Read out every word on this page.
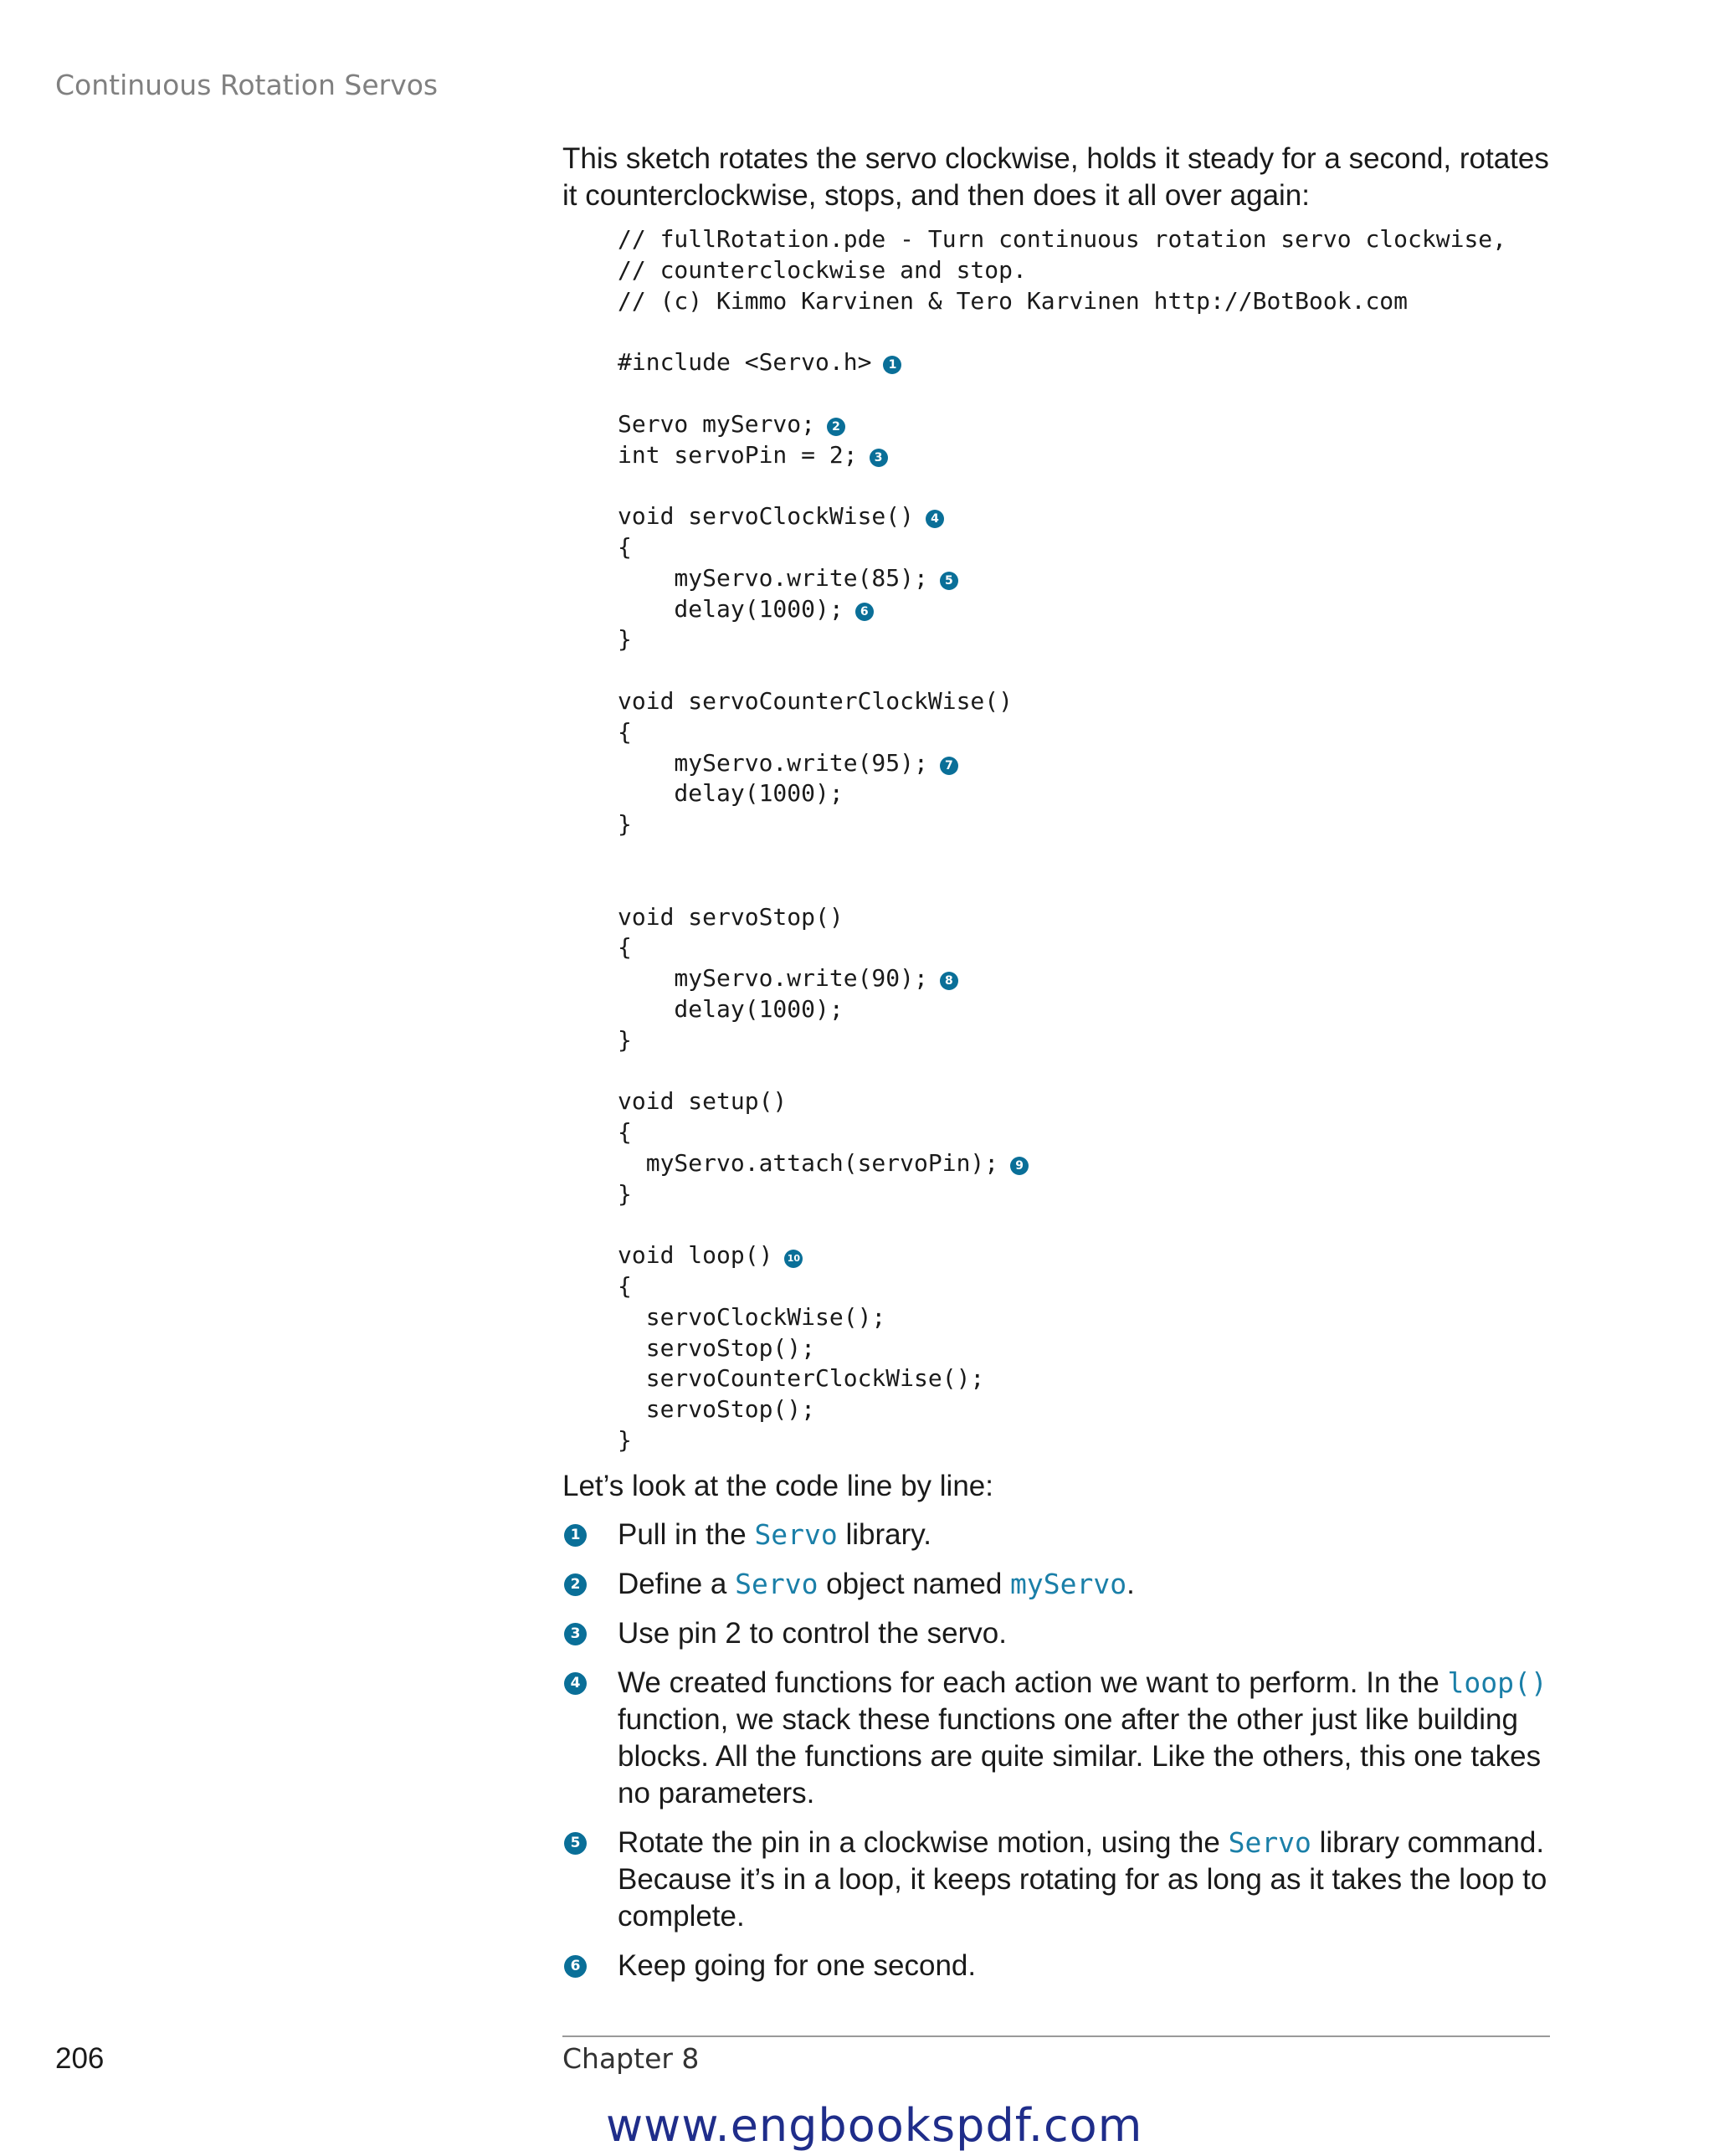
Continuous Rotation Servos

This sketch rotates the servo clockwise, holds it steady for a second, rotates it counterclockwise, stops, and then does it all over again:

// fullRotation.pde - Turn continuous rotation servo clockwise,
// counterclockwise and stop.
// (c) Kimmo Karvinen & Tero Karvinen http://BotBook.com
#include <Servo.h> 1
Servo myServo; 2
int servoPin = 2; 3
void servoClockWise() 4
{
myServo.write(85); 5
delay(1000); 6
}
void servoCounterClockWise()
{
myServo.write(95); 7
delay(1000);
}
void servoStop()
{
myServo.write(90); 8
delay(1000);
}
void setup()
{
myServo.attach(servoPin); 9
}
void loop() 10
{
servoClockWise();
servoStop();
servoCounterClockWise();
servoStop();
}

Let’s look at the code line by line:

1 Pull in the Servo library.
2 Define a Servo object named myServo.
3 Use pin 2 to control the servo.
4 We created functions for each action we want to perform. In the loop() function, we stack these functions one after the other just like building blocks. All the functions are quite similar. Like the others, this one takes no parameters.
5 Rotate the pin in a clockwise motion, using the Servo library command. Because it’s in a loop, it keeps rotating for as long as it takes the loop to complete.
6 Keep going for one second.
206	Chapter 8
www.engbookspdf.com
